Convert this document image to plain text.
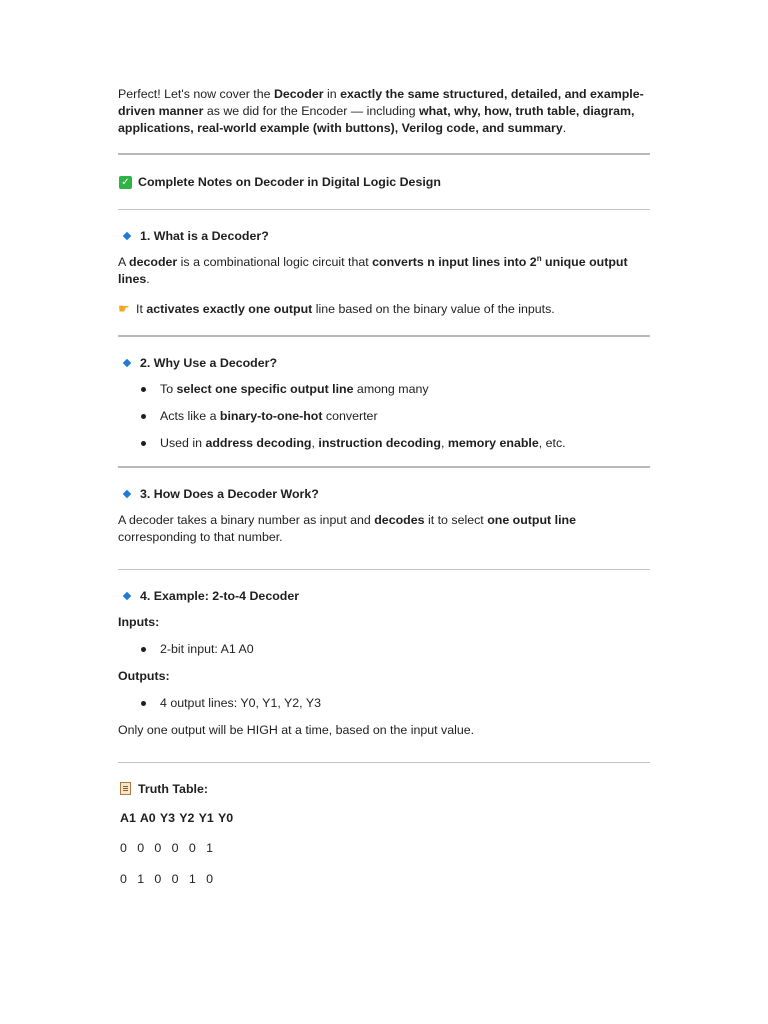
Perfect! Let's now cover the Decoder in exactly the same structured, detailed, and example-driven manner as we did for the Encoder — including what, why, how, truth table, diagram, applications, real-world example (with buttons), Verilog code, and summary.

✓ Complete Notes on Decoder in Digital Logic Design
1. What is a Decoder?

A decoder is a combinational logic circuit that converts n input lines into 2$^n$ unique output lines.

☛ It activates exactly one output line based on the binary value of the inputs.

2. Why Use a Decoder?
To select one specific output line among many
Acts like a binary-to-one-hot converter
Used in address decoding, instruction decoding, memory enable, etc.
3. How Does a Decoder Work?

A decoder takes a binary number as input and decodes it to select one output line corresponding to that number.

4. Example: 2-to-4 Decoder
Inputs:
2-bit input: A1 A0
Outputs:
4 output lines: Y0, Y1, Y2, Y3

Only one output will be HIGH at a time, based on the input value.

Truth Table:
A1 A0 Y3 Y2 Y1 Y0
0   0   0   0   0   1
0   1   0   0   1   0
